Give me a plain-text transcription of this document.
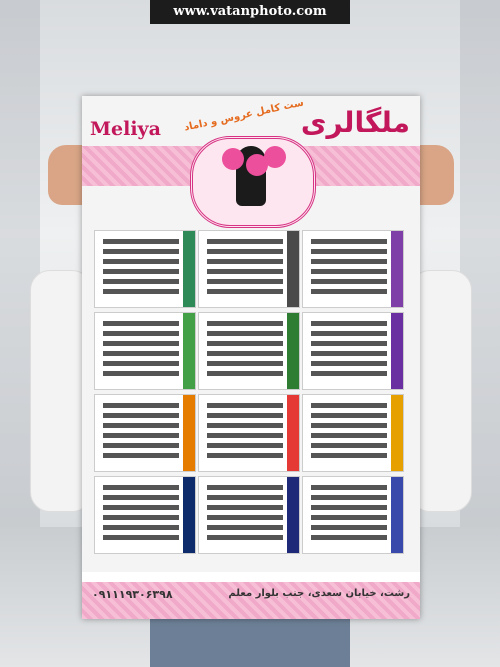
www.vatanphoto.com
Meliya	ست کامل عروس و داماد
ملگالری
۰۹۱۱۱۹۳۰۶۳۹۸	رشت، خیابان سعدی، جنب بلوار معلم
